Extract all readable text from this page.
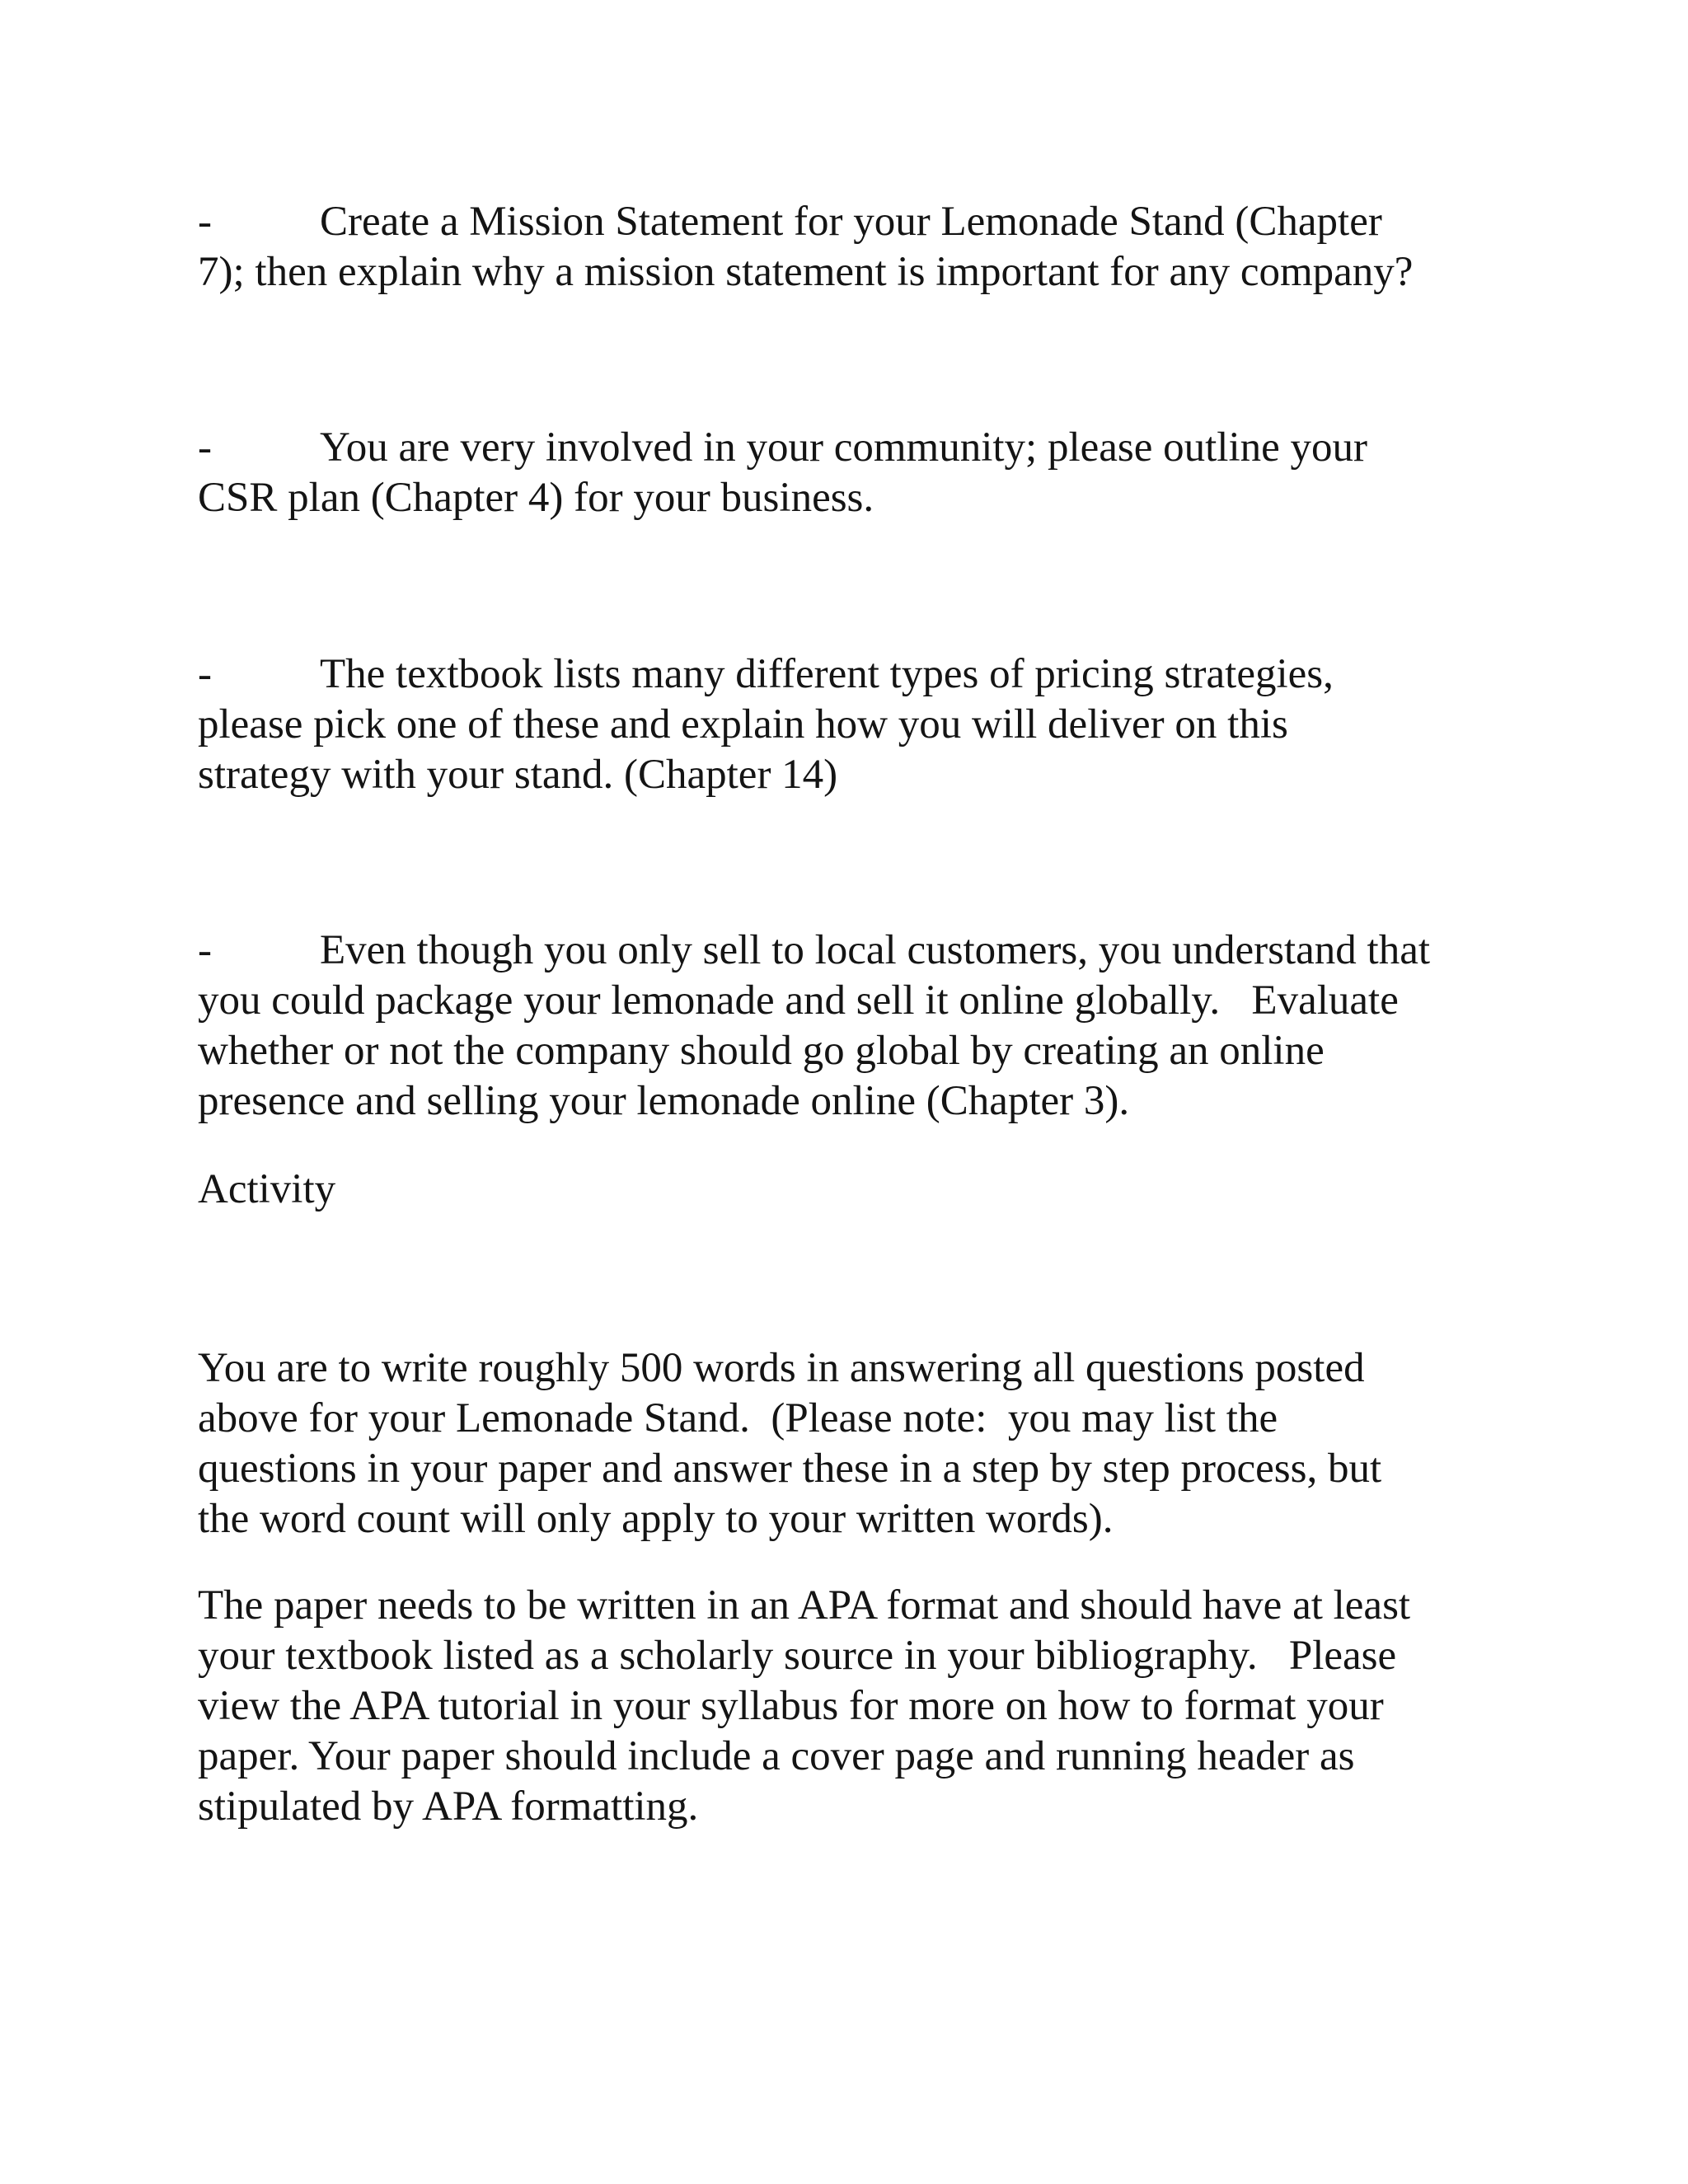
-	Create a Mission Statement for your Lemonade Stand (Chapter
7); then explain why a mission statement is important for any company?
-	You are very involved in your community; please outline your
CSR plan (Chapter 4) for your business.
-	The textbook lists many different types of pricing strategies,
please pick one of these and explain how you will deliver on this
strategy with your stand. (Chapter 14)
-	Even though you only sell to local customers, you understand that
you could package your lemonade and sell it online globally.   Evaluate
whether or not the company should go global by creating an online
presence and selling your lemonade online (Chapter 3).
Activity
You are to write roughly 500 words in answering all questions posted
above for your Lemonade Stand.  (Please note:  you may list the
questions in your paper and answer these in a step by step process, but
the word count will only apply to your written words).
The paper needs to be written in an APA format and should have at least
your textbook listed as a scholarly source in your bibliography.   Please
view the APA tutorial in your syllabus for more on how to format your
paper. Your paper should include a cover page and running header as
stipulated by APA formatting.
